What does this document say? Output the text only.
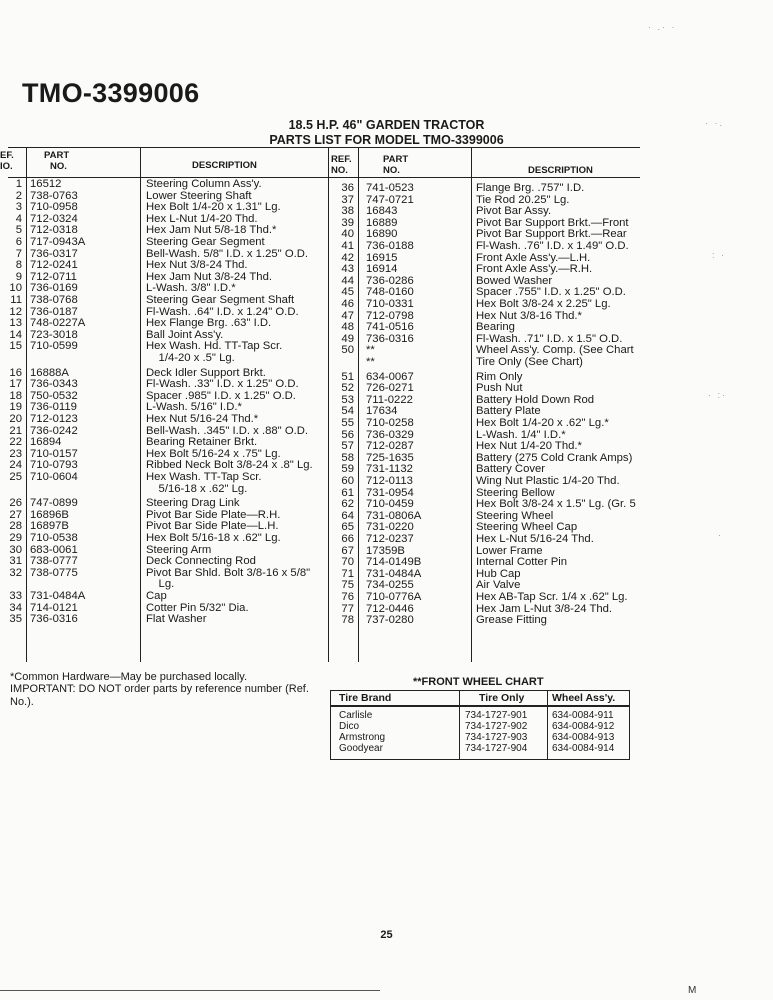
TMO-3399006
18.5 H.P. 46" GARDEN TRACTOR
PARTS LIST FOR MODEL TMO-3399006
EF.
IO.
PART
NO.	DESCRIPTION
REF.
NO.
PART
NO.	DESCRIPTION
1 16512	Steering Column Ass'y.
2 738-0763	Lower Steering Shaft
3 710-0958	Hex Bolt 1/4-20 x 1.31" Lg.
4 712-0324	Hex L-Nut 1/4-20 Thd.
5 712-0318	Hex Jam Nut 5/8-18 Thd.*
6 717-0943A	Steering Gear Segment
7 736-0317	Bell-Wash. 5/8" I.D. x 1.25" O.D.
8 712-0241	Hex Nut 3/8-24 Thd.
9 712-0711	Hex Jam Nut 3/8-24 Thd.
10 736-0169	L-Wash. 3/8" I.D.*
11 738-0768	Steering Gear Segment Shaft
12 736-0187	Fl-Wash. .64" I.D. x 1.24" O.D.
13 748-0227A	Hex Flange Brg. .63" I.D.
14 723-3018	Ball Joint Ass'y.
15 710-0599	Hex Wash. Hd. TT-Tap Scr.
1/4-20 x .5" Lg.
16 16888A	Deck Idler Support Brkt.
17 736-0343	Fl-Wash. .33" I.D. x 1.25" O.D.
18 750-0532	Spacer .985" I.D. x 1.25" O.D.
19 736-0119	L-Wash. 5/16" I.D.*
20 712-0123	Hex Nut 5/16-24 Thd.*
21 736-0242	Bell-Wash. .345" I.D. x .88" O.D.
22 16894	Bearing Retainer Brkt.
23 710-0157	Hex Bolt 5/16-24 x .75" Lg.
24 710-0793	Ribbed Neck Bolt 3/8-24 x .8" Lg.
25 710-0604	Hex Wash. TT-Tap Scr.
5/16-18 x .62" Lg.
26 747-0899	Steering Drag Link
27 16896B	Pivot Bar Side Plate—R.H.
28 16897B	Pivot Bar Side Plate—L.H.
29 710-0538	Hex Bolt 5/16-18 x .62" Lg.
30 683-0061	Steering Arm
31 738-0777	Deck Connecting Rod
32 738-0775	Pivot Bar Shld. Bolt 3/8-16 x 5/8"
Lg.
33 731-0484A	Cap
34 714-0121	Cotter Pin 5/32" Dia.
35 736-0316	Flat Washer
36 741-0523	Flange Brg. .757" I.D.
37 747-0721	Tie Rod 20.25" Lg.
38 16843	Pivot Bar Assy.
39 16889	Pivot Bar Support Brkt.—Front
40 16890	Pivot Bar Support Brkt.—Rear
41 736-0188	Fl-Wash. .76" I.D. x 1.49" O.D.
42 16915	Front Axle Ass'y.—L.H.
43 16914	Front Axle Ass'y.—R.H.
44 736-0286	Bowed Washer
45 748-0160	Spacer .755" I.D. x 1.25" O.D.
46 710-0331	Hex Bolt 3/8-24 x 2.25" Lg.
47 712-0798	Hex Nut 3/8-16 Thd.*
48 741-0516	Bearing
49 736-0316	Fl-Wash. .71" I.D. x 1.5" O.D.
50 **	Wheel Ass'y. Comp. (See Chart
**	Tire Only (See Chart)
51 634-0067	Rim Only
52 726-0271	Push Nut
53 711-0222	Battery Hold Down Rod
54 17634	Battery Plate
55 710-0258	Hex Bolt 1/4-20 x .62" Lg.*
56 736-0329	L-Wash. 1/4" I.D.*
57 712-0287	Hex Nut 1/4-20 Thd.*
58 725-1635	Battery (275 Cold Crank Amps)
59 731-1132	Battery Cover
60 712-0113	Wing Nut Plastic 1/4-20 Thd.
61 731-0954	Steering Bellow
62 710-0459	Hex Bolt 3/8-24 x 1.5" Lg. (Gr. 5
64 731-0806A	Steering Wheel
65 731-0220	Steering Wheel Cap
66 712-0237	Hex L-Nut 5/16-24 Thd.
67 17359B	Lower Frame
70 714-0149B	Internal Cotter Pin
71 731-0484A	Hub Cap
75 734-0255	Air Valve
76 710-0776A	Hex AB-Tap Scr. 1/4 x .62" Lg.
77 712-0446	Hex Jam L-Nut 3/8-24 Thd.
78 737-0280	Grease Fitting
*Common Hardware—May be purchased locally.
IMPORTANT: DO NOT order parts by reference number (Ref. No.).
**FRONT WHEEL CHART
Tire Brand	Tire Only	Wheel Ass'y.
Carlisle	734-1727-901 634-0084-911
Dico	734-1727-902 634-0084-912
Armstrong	734-1727-903 634-0084-913
Goodyear	734-1727-904 634-0084-914
25
· .· ·
· ·.
: ·
· :·
·
M
